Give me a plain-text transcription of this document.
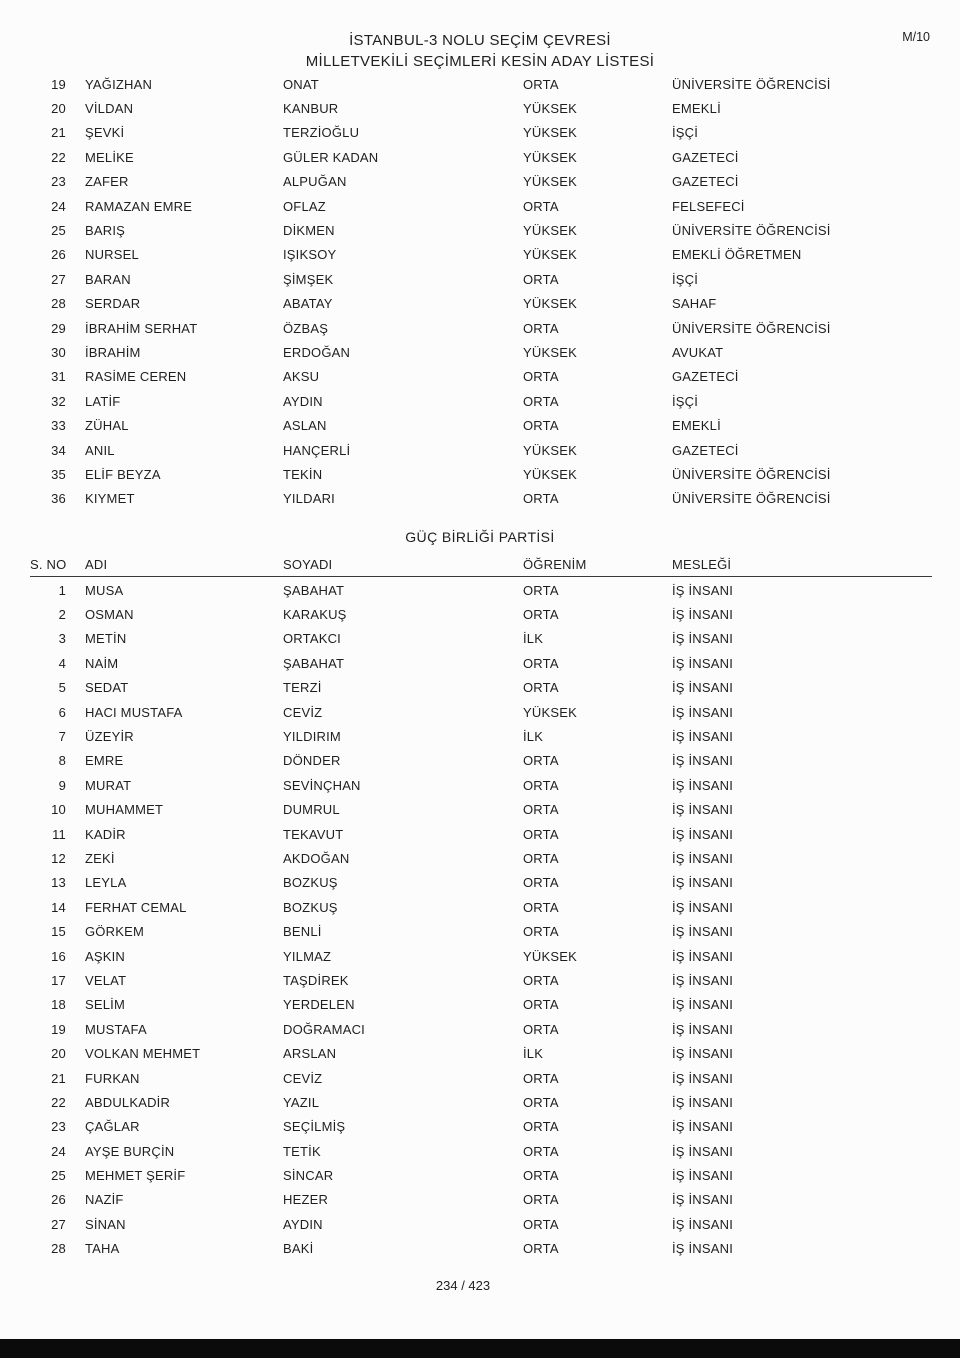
İSTANBUL-3 NOLU SEÇİM ÇEVRESİ
MİLLETVEKİLİ SEÇİMLERİ KESİN ADAY LİSTESİ
M/10
19	YAĞIZHAN	ONAT	ORTA	ÜNİVERSİTE ÖĞRENCİSİ
20	VİLDAN	KANBUR	YÜKSEK	EMEKLİ
21	ŞEVKİ	TERZİOĞLU	YÜKSEK	İŞÇİ
22	MELİKE	GÜLER KADAN	YÜKSEK	GAZETECİ
23	ZAFER	ALPUĞAN	YÜKSEK	GAZETECİ
24	RAMAZAN EMRE	OFLAZ	ORTA	FELSEFECİ
25	BARIŞ	DİKMEN	YÜKSEK	ÜNİVERSİTE ÖĞRENCİSİ
26	NURSEL	IŞIKSOY	YÜKSEK	EMEKLİ ÖĞRETMEN
27	BARAN	ŞİMŞEK	ORTA	İŞÇİ
28	SERDAR	ABATAY	YÜKSEK	SAHAF
29	İBRAHİM SERHAT	ÖZBAŞ	ORTA	ÜNİVERSİTE ÖĞRENCİSİ
30	İBRAHİM	ERDOĞAN	YÜKSEK	AVUKAT
31	RASİME CEREN	AKSU	ORTA	GAZETECİ
32	LATİF	AYDIN	ORTA	İŞÇİ
33	ZÜHAL	ASLAN	ORTA	EMEKLİ
34	ANIL	HANÇERLİ	YÜKSEK	GAZETECİ
35	ELİF BEYZA	TEKİN	YÜKSEK	ÜNİVERSİTE ÖĞRENCİSİ
36	KIYMET	YILDARI	ORTA	ÜNİVERSİTE ÖĞRENCİSİ
GÜÇ BİRLİĞİ PARTİSİ
S. NO	ADI	SOYADI	ÖĞRENİM	MESLEĞİ
1	MUSA	ŞABAHAT	ORTA	İŞ İNSANI
2	OSMAN	KARAKUŞ	ORTA	İŞ İNSANI
3	METİN	ORTAKCI	İLK	İŞ İNSANI
4	NAİM	ŞABAHAT	ORTA	İŞ İNSANI
5	SEDAT	TERZİ	ORTA	İŞ İNSANI
6	HACI MUSTAFA	CEVİZ	YÜKSEK	İŞ İNSANI
7	ÜZEYİR	YILDIRIM	İLK	İŞ İNSANI
8	EMRE	DÖNDER	ORTA	İŞ İNSANI
9	MURAT	SEVİNÇHAN	ORTA	İŞ İNSANI
10	MUHAMMET	DUMRUL	ORTA	İŞ İNSANI
11	KADİR	TEKAVUT	ORTA	İŞ İNSANI
12	ZEKİ	AKDOĞAN	ORTA	İŞ İNSANI
13	LEYLA	BOZKUŞ	ORTA	İŞ İNSANI
14	FERHAT CEMAL	BOZKUŞ	ORTA	İŞ İNSANI
15	GÖRKEM	BENLİ	ORTA	İŞ İNSANI
16	AŞKIN	YILMAZ	YÜKSEK	İŞ İNSANI
17	VELAT	TAŞDİREK	ORTA	İŞ İNSANI
18	SELİM	YERDELEN	ORTA	İŞ İNSANI
19	MUSTAFA	DOĞRAMACI	ORTA	İŞ İNSANI
20	VOLKAN MEHMET	ARSLAN	İLK	İŞ İNSANI
21	FURKAN	CEVİZ	ORTA	İŞ İNSANI
22	ABDULKADİR	YAZIL	ORTA	İŞ İNSANI
23	ÇAĞLAR	SEÇİLMİŞ	ORTA	İŞ İNSANI
24	AYŞE BURÇİN	TETİK	ORTA	İŞ İNSANI
25	MEHMET ŞERİF	SİNCAR	ORTA	İŞ İNSANI
26	NAZİF	HEZER	ORTA	İŞ İNSANI
27	SİNAN	AYDIN	ORTA	İŞ İNSANI
28	TAHA	BAKİ	ORTA	İŞ İNSANI
234 / 423
